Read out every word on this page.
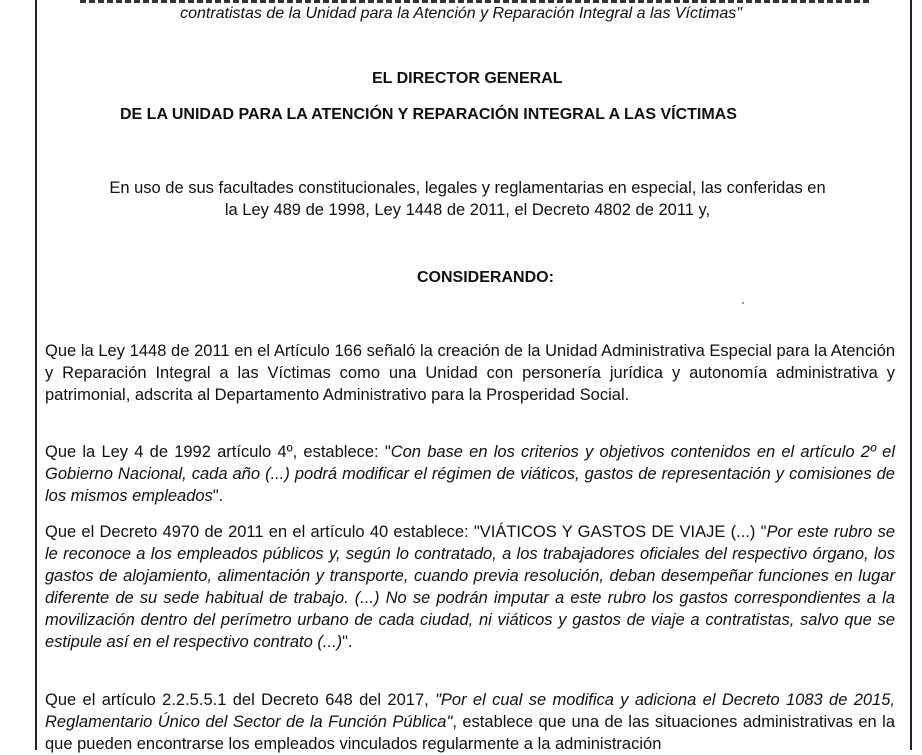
contratistas de la Unidad para la Atención y Reparación Integral a las Víctimas"
EL DIRECTOR GENERAL
DE LA UNIDAD PARA LA ATENCIÓN Y REPARACIÓN INTEGRAL A LAS VÍCTIMAS
En uso de sus facultades constitucionales, legales y reglamentarias en especial, las conferidas en
la Ley 489 de 1998, Ley 1448 de 2011, el Decreto 4802 de 2011 y,
CONSIDERANDO:
Que la Ley 1448 de 2011 en el Artículo 166 señaló la creación de la Unidad Administrativa Especial para la Atención y Reparación Integral a las Víctimas como una Unidad con personería jurídica y autonomía administrativa y patrimonial, adscrita al Departamento Administrativo para la Prosperidad Social.
Que la Ley 4 de 1992 artículo 4º, establece: "Con base en los criterios y objetivos contenidos en el artículo 2º el Gobierno Nacional, cada año (...) podrá modificar el régimen de viáticos, gastos de representación y comisiones de los mismos empleados".
Que el Decreto 4970 de 2011 en el artículo 40 establece: "VIÁTICOS Y GASTOS DE VIAJE (...) "Por este rubro se le reconoce a los empleados públicos y, según lo contratado, a los trabajadores oficiales del respectivo órgano, los gastos de alojamiento, alimentación y transporte, cuando previa resolución, deban desempeñar funciones en lugar diferente de su sede habitual de trabajo. (...) No se podrán imputar a este rubro los gastos correspondientes a la movilización dentro del perímetro urbano de cada ciudad, ni viáticos y gastos de viaje a contratistas, salvo que se estipule así en el respectivo contrato (...)".
Que el artículo 2.2.5.5.1 del Decreto 648 del 2017, "Por el cual se modifica y adiciona el Decreto 1083 de 2015, Reglamentario Único del Sector de la Función Pública", establece que una de las situaciones administrativas en la que pueden encontrarse los empleados vinculados regularmente a la administración
